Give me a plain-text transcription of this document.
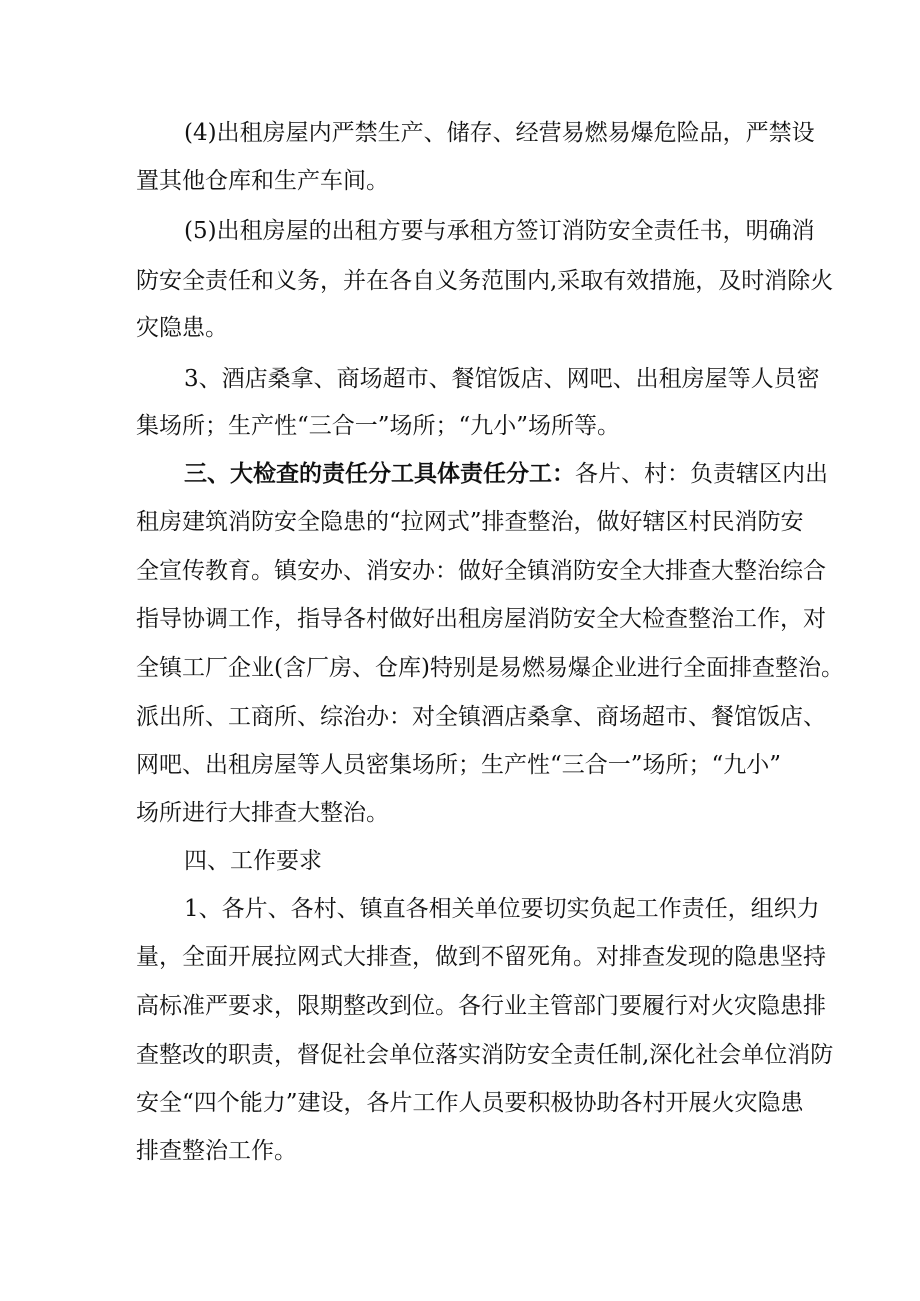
(4)出租房屋内严禁生产、储存、经营易燃易爆危险品，严禁设
置其他仓库和生产车间。
(5)出租房屋的出租方要与承租方签订消防安全责任书，明确消
防安全责任和义务，并在各自义务范围内,采取有效措施，及时消除火
灾隐患。
3、酒店桑拿、商场超市、餐馆饭店、网吧、出租房屋等人员密
集场所；生产性“三合一”场所；“九小”场所等。
三、大检查的责任分工具体责任分工：各片、村：负责辖区内出
租房建筑消防安全隐患的“拉网式”排查整治，做好辖区村民消防安
全宣传教育。镇安办、消安办：做好全镇消防安全大排查大整治综合
指导协调工作，指导各村做好出租房屋消防安全大检查整治工作，对
全镇工厂企业(含厂房、仓库)特别是易燃易爆企业进行全面排查整治。
派出所、工商所、综治办：对全镇酒店桑拿、商场超市、餐馆饭店、
网吧、出租房屋等人员密集场所；生产性“三合一”场所；“九小”
场所进行大排查大整治。
四、工作要求
1、各片、各村、镇直各相关单位要切实负起工作责任，组织力
量，全面开展拉网式大排查，做到不留死角。对排查发现的隐患坚持
高标准严要求，限期整改到位。各行业主管部门要履行对火灾隐患排
查整改的职责，督促社会单位落实消防安全责任制,深化社会单位消防
安全“四个能力”建设，各片工作人员要积极协助各村开展火灾隐患
排查整治工作。
